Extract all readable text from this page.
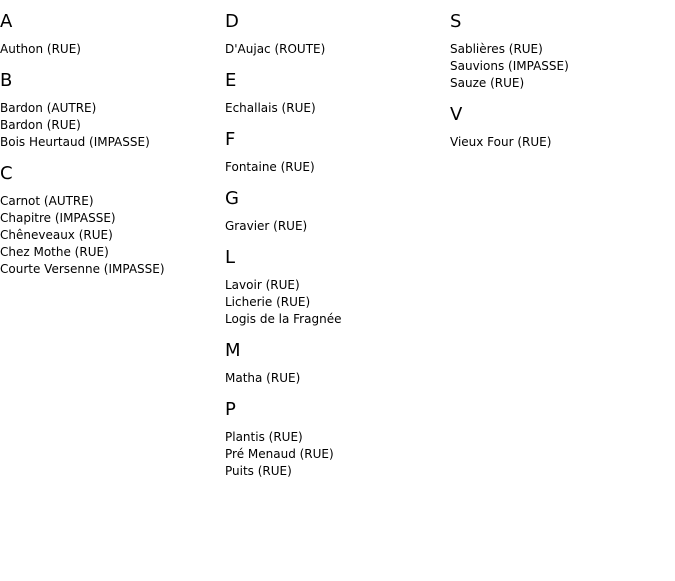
A
Authon (RUE)
B
Bardon (AUTRE)
Bardon (RUE)
Bois Heurtaud (IMPASSE)
C
Carnot (AUTRE)
Chapitre (IMPASSE)
Chêneveaux (RUE)
Chez Mothe (RUE)
Courte Versenne (IMPASSE)
D
D'Aujac (ROUTE)
E
Echallais (RUE)
F
Fontaine (RUE)
G
Gravier (RUE)
L
Lavoir (RUE)
Licherie (RUE)
Logis de la Fragnée
M
Matha (RUE)
P
Plantis (RUE)
Pré Menaud (RUE)
Puits (RUE)
S
Sablières (RUE)
Sauvions (IMPASSE)
Sauze (RUE)
V
Vieux Four (RUE)
